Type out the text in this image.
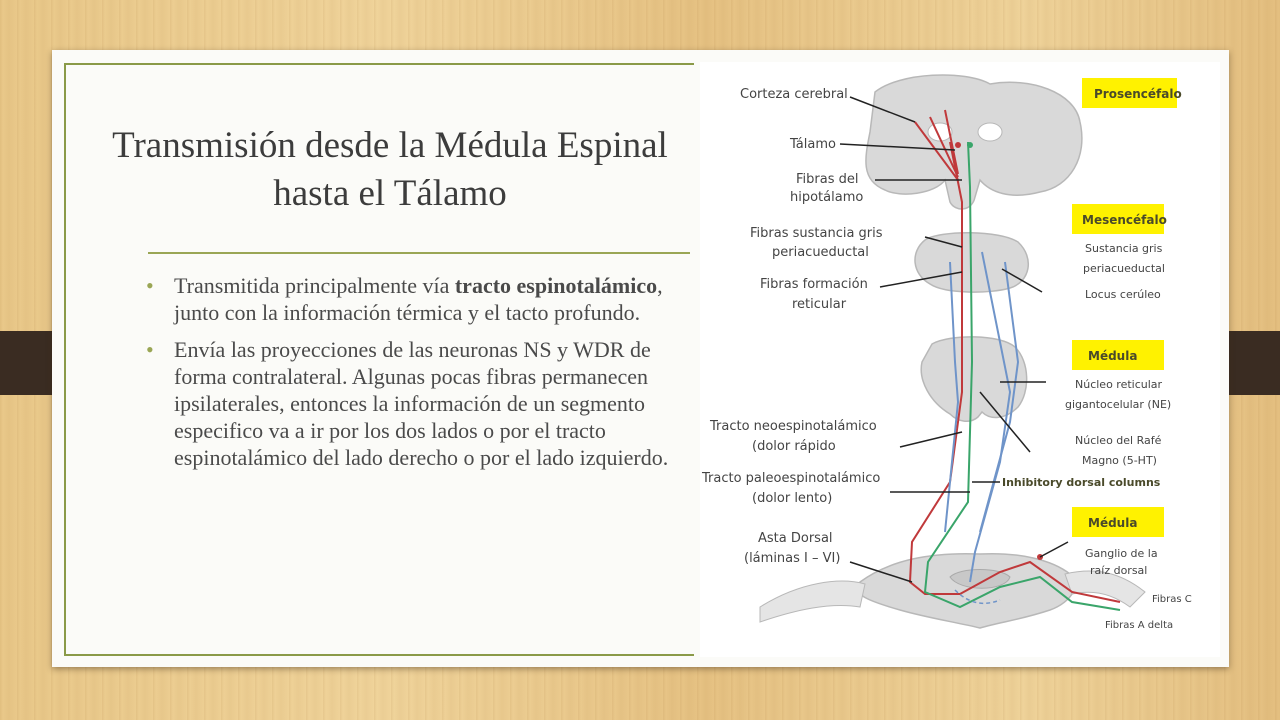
Transmisión desde la Médula Espinal hasta el Tálamo
• Transmitida principalmente vía tracto espinotalámico, junto con la información térmica y el tacto profundo.
• Envía las proyecciones de las neuronas NS y WDR de forma contralateral. Algunas pocas fibras permanecen ipsilaterales, entonces la información de un segmento especifico va a ir por los dos lados o por el tracto espinotalámico del lado derecho o por el lado izquierdo.
Prosencéfalo
Mesencéfalo
Médula
Médula
Corteza cerebral
Tálamo
Fibras del
hipotálamo
Fibras sustancia gris
periacueductal
Fibras formación
reticular
Tracto neoespinotalámico
(dolor rápido
Tracto paleoespinotalámico
(dolor lento)
Asta Dorsal
(láminas I – VI)
Sustancia gris
periacueductal
Locus cerúleo
Núcleo reticular
gigantocelular (NE)
Núcleo del Rafé
Magno (5-HT)
Inhibitory dorsal columns
Ganglio de la
raíz dorsal
Fibras C
Fibras A delta
